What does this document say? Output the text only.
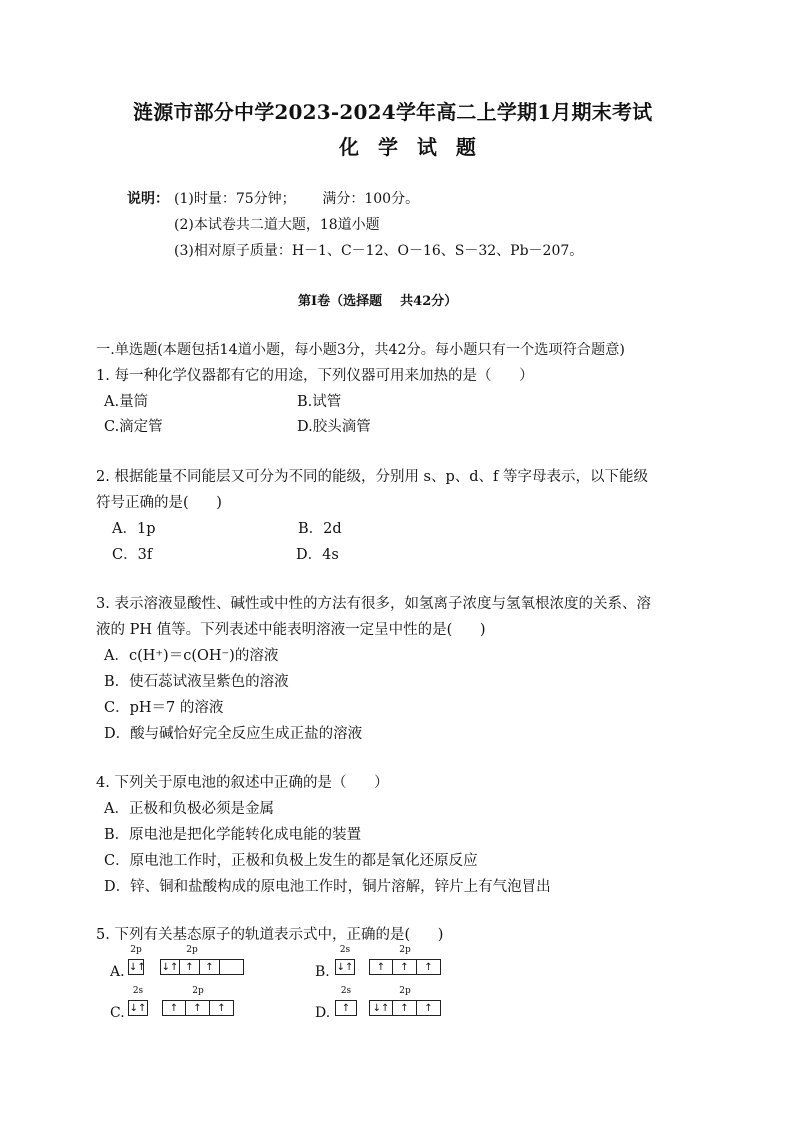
涟源市部分中学2023-2024学年高二上学期1月期末考试
化 学 试 题
说明： (1)时量：75分钟；      满分：100分。
(2)本试卷共二道大题，18道小题
(3)相对原子质量：H－1、C－12、O－16、S－32、Pb－207。
第Ⅰ卷（选择题    共42分）
一.单选题(本题包括14道小题，每小题3分，共42分。每小题只有一个选项符合题意)
1. 每一种化学仪器都有它的用途，下列仪器可用来加热的是（      ）
A.量筒	B.试管
C.滴定管	D.胶头滴管
2. 根据能量不同能层又可分为不同的能级，分别用 s、p、d、f 等字母表示，以下能级
符号正确的是(      )
A．1p	B．2d
C．3f	D．4s
3. 表示溶液显酸性、碱性或中性的方法有很多，如氢离子浓度与氢氧根浓度的关系、溶
液的 PH 值等。下列表述中能表明溶液一定呈中性的是(      )
A．c(H⁺)＝c(OH⁻)的溶液
B．使石蕊试液呈紫色的溶液
C．pH＝7 的溶液
D．酸与碱恰好完全反应生成正盐的溶液
4. 下列关于原电池的叙述中正确的是（      ）
A．正极和负极必须是金属
B．原电池是把化学能转化成电能的装置
C．原电池工作时，正极和负极上发生的都是氧化还原反应
D．锌、铜和盐酸构成的原电池工作时，铜片溶解，锌片上有气泡冒出
5. 下列有关基态原子的轨道表示式中，正确的是(      )
A.
2p
↓↑
2p
↓↑ ↑ ↑	B.
2s
↓↑
2p
↑ ↑ ↑
C.
2s
↓↑
2p
↑ ↑ ↑	D.
2s
↑
2p
↓↑ ↑ ↑
